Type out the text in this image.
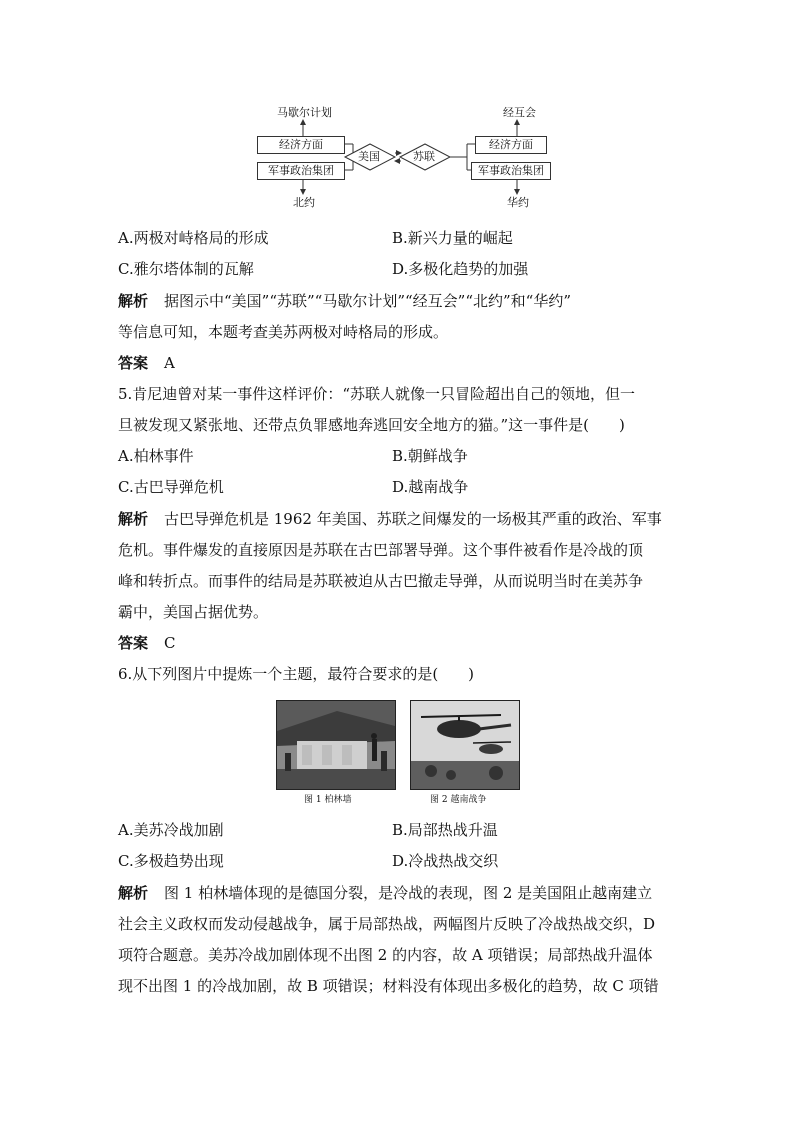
马歇尔计划
经济方面
军事政治集团
北约
美国	苏联
经互会
经济方面
军事政治集团
华约
A.两极对峙格局的形成	B.新兴力量的崛起
C.雅尔塔体制的瓦解	D.多极化趋势的加强
解析 据图示中“美国”“苏联”“马歇尔计划”“经互会”“北约”和“华约”
等信息可知，本题考查美苏两极对峙格局的形成。
答案 A
5.肯尼迪曾对某一事件这样评价：“苏联人就像一只冒险超出自己的领地，但一
旦被发现又紧张地、还带点负罪感地奔逃回安全地方的猫。”这一事件是(　　)
A.柏林事件	B.朝鲜战争
C.古巴导弹危机	D.越南战争
解析 古巴导弹危机是 1962 年美国、苏联之间爆发的一场极其严重的政治、军事
危机。事件爆发的直接原因是苏联在古巴部署导弹。这个事件被看作是冷战的顶
峰和转折点。而事件的结局是苏联被迫从古巴撤走导弹，从而说明当时在美苏争
霸中，美国占据优势。
答案 C
6.从下列图片中提炼一个主题，最符合要求的是(　　)
图 1 柏林墙	图 2 越南战争
A.美苏冷战加剧	B.局部热战升温
C.多极趋势出现	D.冷战热战交织
解析 图 1 柏林墙体现的是德国分裂，是冷战的表现，图 2 是美国阻止越南建立
社会主义政权而发动侵越战争，属于局部热战，两幅图片反映了冷战热战交织，D
项符合题意。美苏冷战加剧体现不出图 2 的内容，故 A 项错误；局部热战升温体
现不出图 1 的冷战加剧，故 B 项错误；材料没有体现出多极化的趋势，故 C 项错
